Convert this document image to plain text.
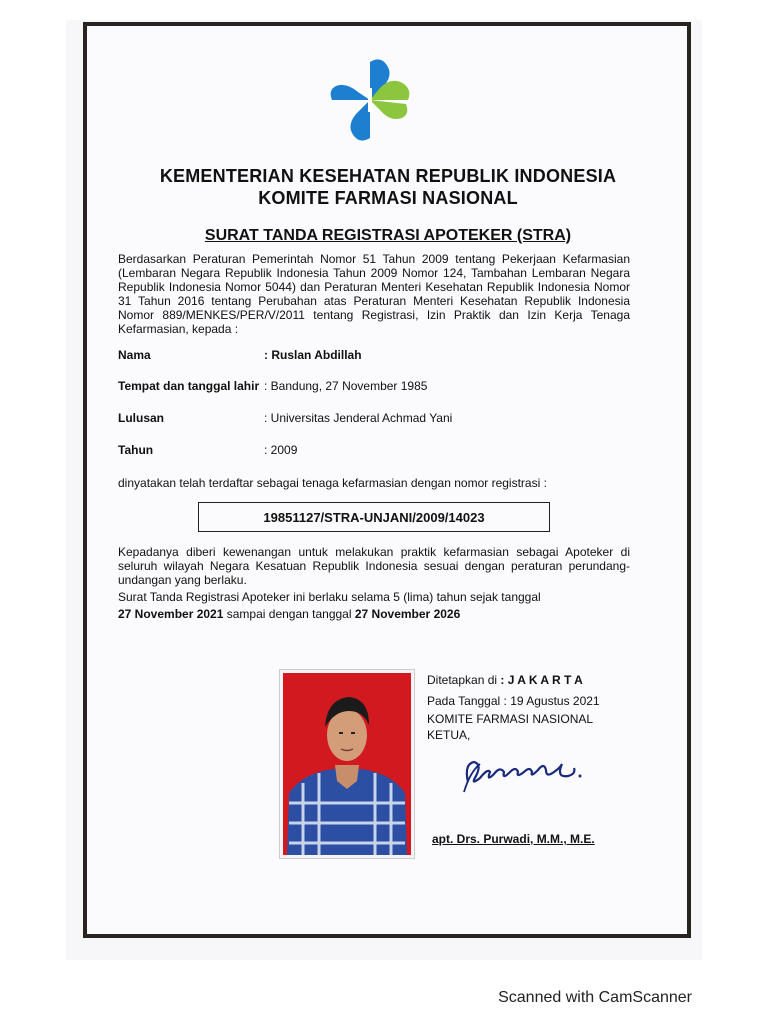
KEMENTERIAN KESEHATAN REPUBLIK INDONESIA
KOMITE FARMASI NASIONAL
SURAT TANDA REGISTRASI APOTEKER (STRA)

Berdasarkan Peraturan Pemerintah Nomor 51 Tahun 2009 tentang Pekerjaan Kefarmasian (Lembaran Negara Republik Indonesia Tahun 2009 Nomor 124, Tambahan Lembaran Negara Republik Indonesia Nomor 5044) dan Peraturan Menteri Kesehatan Republik Indonesia Nomor 31 Tahun 2016 tentang Perubahan atas Peraturan Menteri Kesehatan Republik Indonesia Nomor 889/MENKES/PER/V/2011 tentang Registrasi, Izin Praktik dan Izin Kerja Tenaga Kefarmasian, kepada :

Nama	: Ruslan Abdillah
Tempat dan tanggal lahir : Bandung, 27 November 1985
Lulusan	: Universitas Jenderal Achmad Yani
Tahun	: 2009
dinyatakan telah terdaftar sebagai tenaga kefarmasian dengan nomor registrasi :
19851127/STRA-UNJANI/2009/14023

Kepadanya diberi kewenangan untuk melakukan praktik kefarmasian sebagai Apoteker di seluruh wilayah Negara Kesatuan Republik Indonesia sesuai dengan peraturan perundang-undangan yang berlaku.

Surat Tanda Registrasi Apoteker ini berlaku selama 5 (lima) tahun sejak tanggal
27 November 2021 sampai dengan tanggal 27 November 2026
Ditetapkan di : J A K A R T A
Pada Tanggal : 19 Agustus 2021
KOMITE FARMASI NASIONAL
KETUA,
apt. Drs. Purwadi, M.M., M.E.
Scanned with CamScanner
